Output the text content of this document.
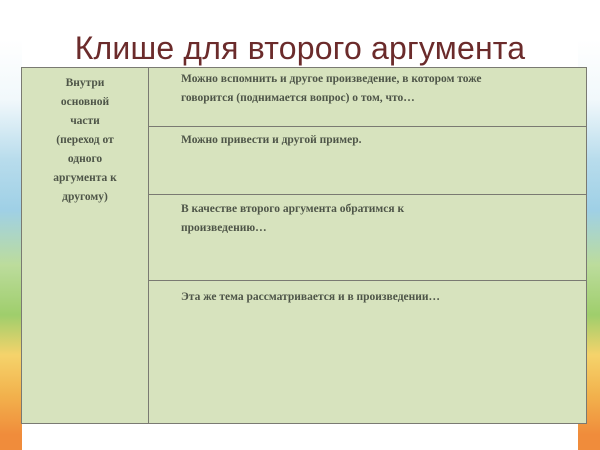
Клише для второго аргумента
Внутри
основной
части
(переход от
одного
аргумента к
другому)
Можно вспомнить и другое произведение, в котором тоже
говорится (поднимается вопрос) о том, что…
Можно привести и другой пример.
В качестве второго аргумента обратимся к
произведению…
Эта же тема рассматривается и в произведении…
